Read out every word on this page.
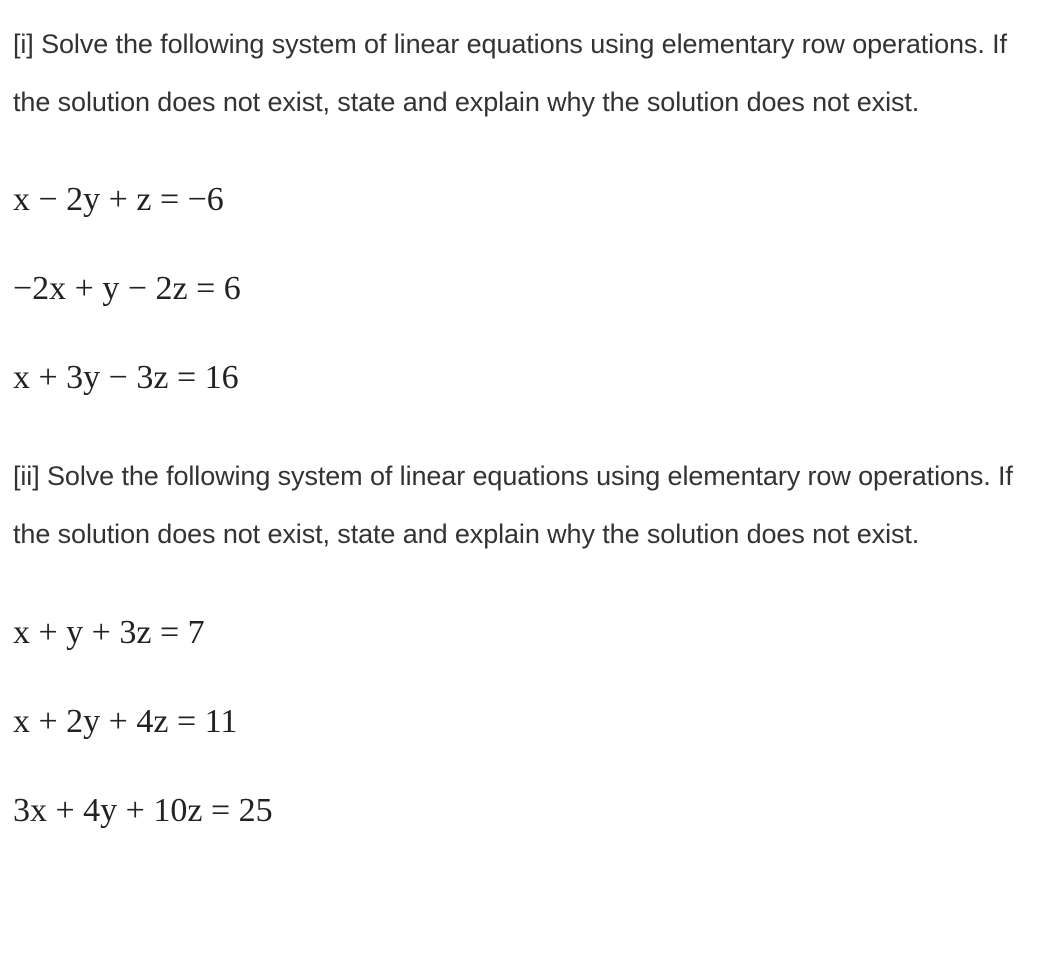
[i] Solve the following system of linear equations using elementary row operations. If the solution does not exist, state and explain why the solution does not exist.

x − 2y + z = −6

−2x + y − 2z = 6

x + 3y − 3z = 16

[ii] Solve the following system of linear equations using elementary row operations. If the solution does not exist, state and explain why the solution does not exist.

x + y + 3z = 7

x + 2y + 4z = 11

3x + 4y + 10z = 25
